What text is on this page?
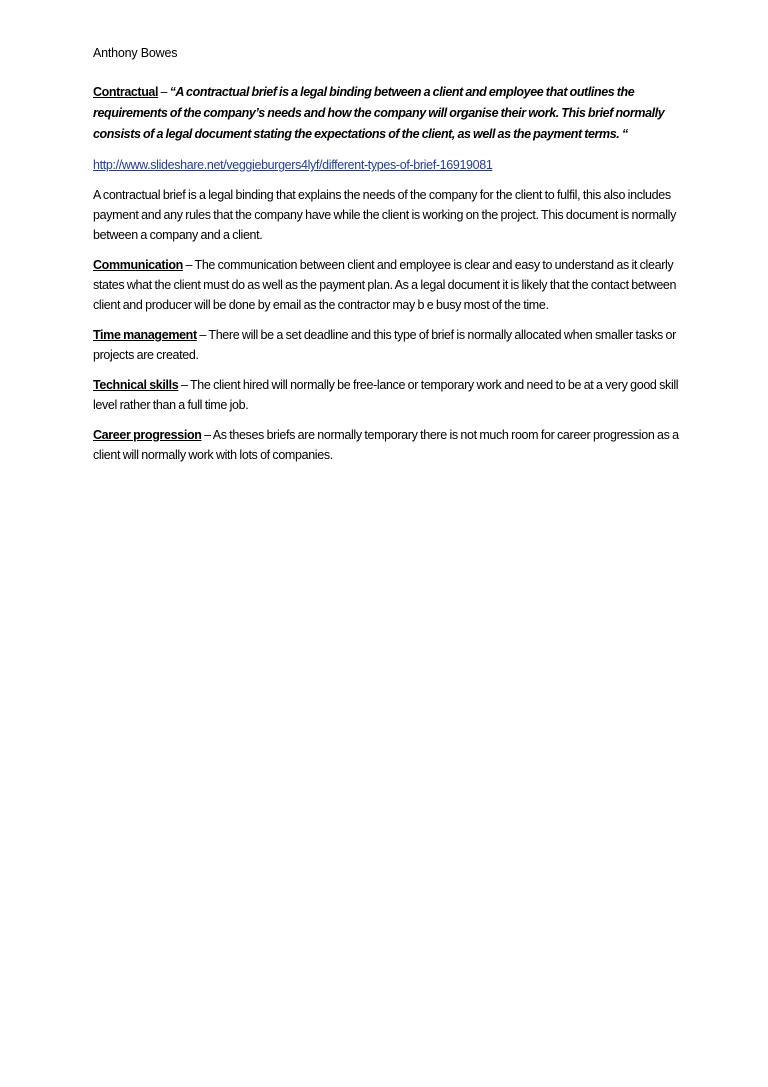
Anthony Bowes

Contractual – “A contractual brief is a legal binding between a client and employee that outlines the requirements of the company’s needs and how the company will organise their work. This brief normally consists of a legal document stating the expectations of the client, as well as the payment terms. “

http://www.slideshare.net/veggieburgers4lyf/different-types-of-brief-16919081

A contractual brief is a legal binding that explains the needs of the company for the client to fulfil, this also includes payment and any rules that the company have while the client is working on the project. This document is normally between a company and a client.

Communication – The communication between client and employee is clear and easy to understand as it clearly states what the client must do as well as the payment plan. As a legal document it is likely that the contact between client and producer will be done by email as the contractor may b e busy most of the time.

Time management – There will be a set deadline and this type of brief is normally allocated when smaller tasks or projects are created.

Technical skills – The client hired will normally be free-lance or temporary work and need to be at a very good skill level rather than a full time job.

Career progression – As theses briefs are normally temporary there is not much room for career progression as a client will normally work with lots of companies.
